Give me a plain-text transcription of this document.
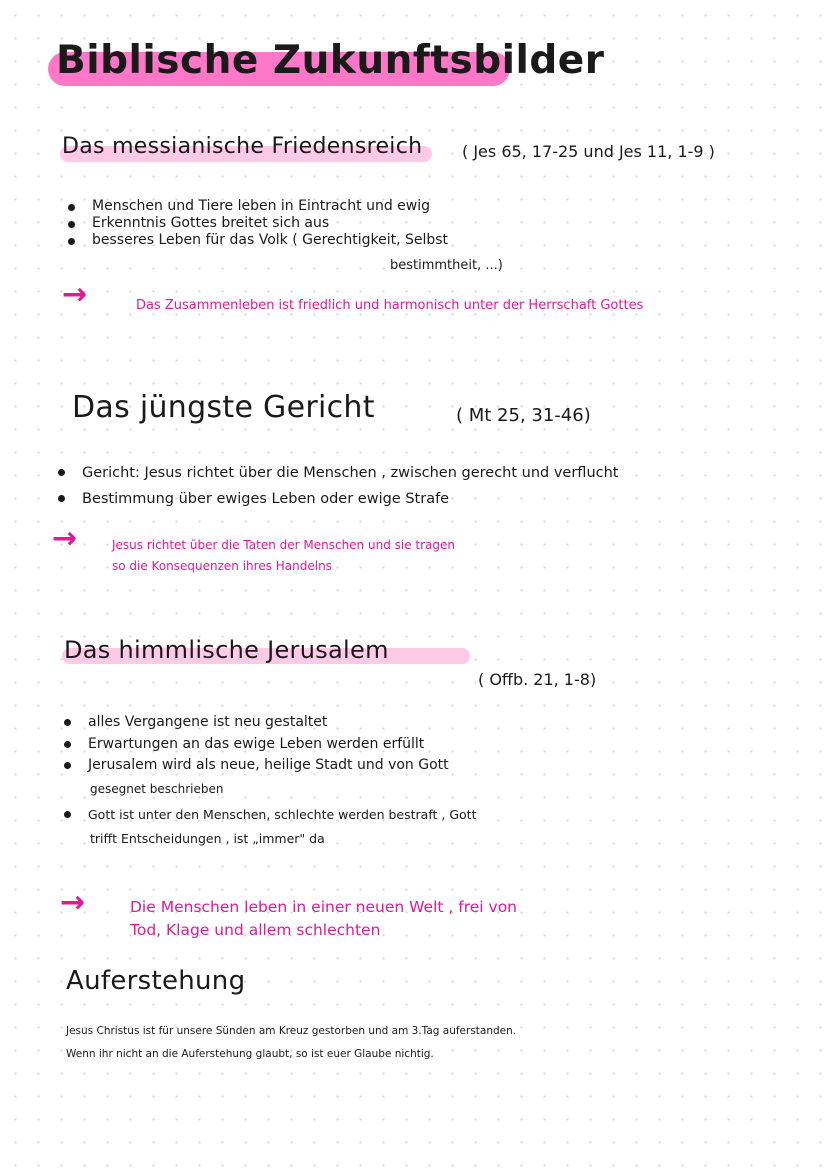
Biblische Zukunftsbilder
Das messianische Friedensreich ( Jes 65, 17-25 und Jes 11, 1-9 )
Menschen und Tiere leben in Eintracht und ewig
Erkenntnis Gottes breitet sich aus
besseres Leben für das Volk ( Gerechtigkeit, Selbst
bestimmtheit, ...)
→	Das Zusammenleben ist friedlich und harmonisch unter der Herrschaft Gottes
Das jüngste Gericht	( Mt 25, 31-46)
Gericht: Jesus richtet über die Menschen , zwischen gerecht und verflucht
Bestimmung über ewiges Leben oder ewige Strafe
→	Jesus richtet über die Taten der Menschen und sie tragen
so die Konsequenzen ihres Handelns
Das himmlische Jerusalem
( Offb. 21, 1-8)
alles Vergangene ist neu gestaltet
Erwartungen an das ewige Leben werden erfüllt
Jerusalem wird als neue, heilige Stadt und von Gott
gesegnet beschrieben
Gott ist unter den Menschen, schlechte werden bestraft , Gott
trifft Entscheidungen , ist „immer" da
→	Die Menschen leben in einer neuen Welt , frei von
Tod, Klage und allem schlechten
Auferstehung
Jesus Christus ist für unsere Sünden am Kreuz gestorben und am 3.Tag auferstanden.
Wenn ihr nicht an die Auferstehung glaubt, so ist euer Glaube nichtig.
